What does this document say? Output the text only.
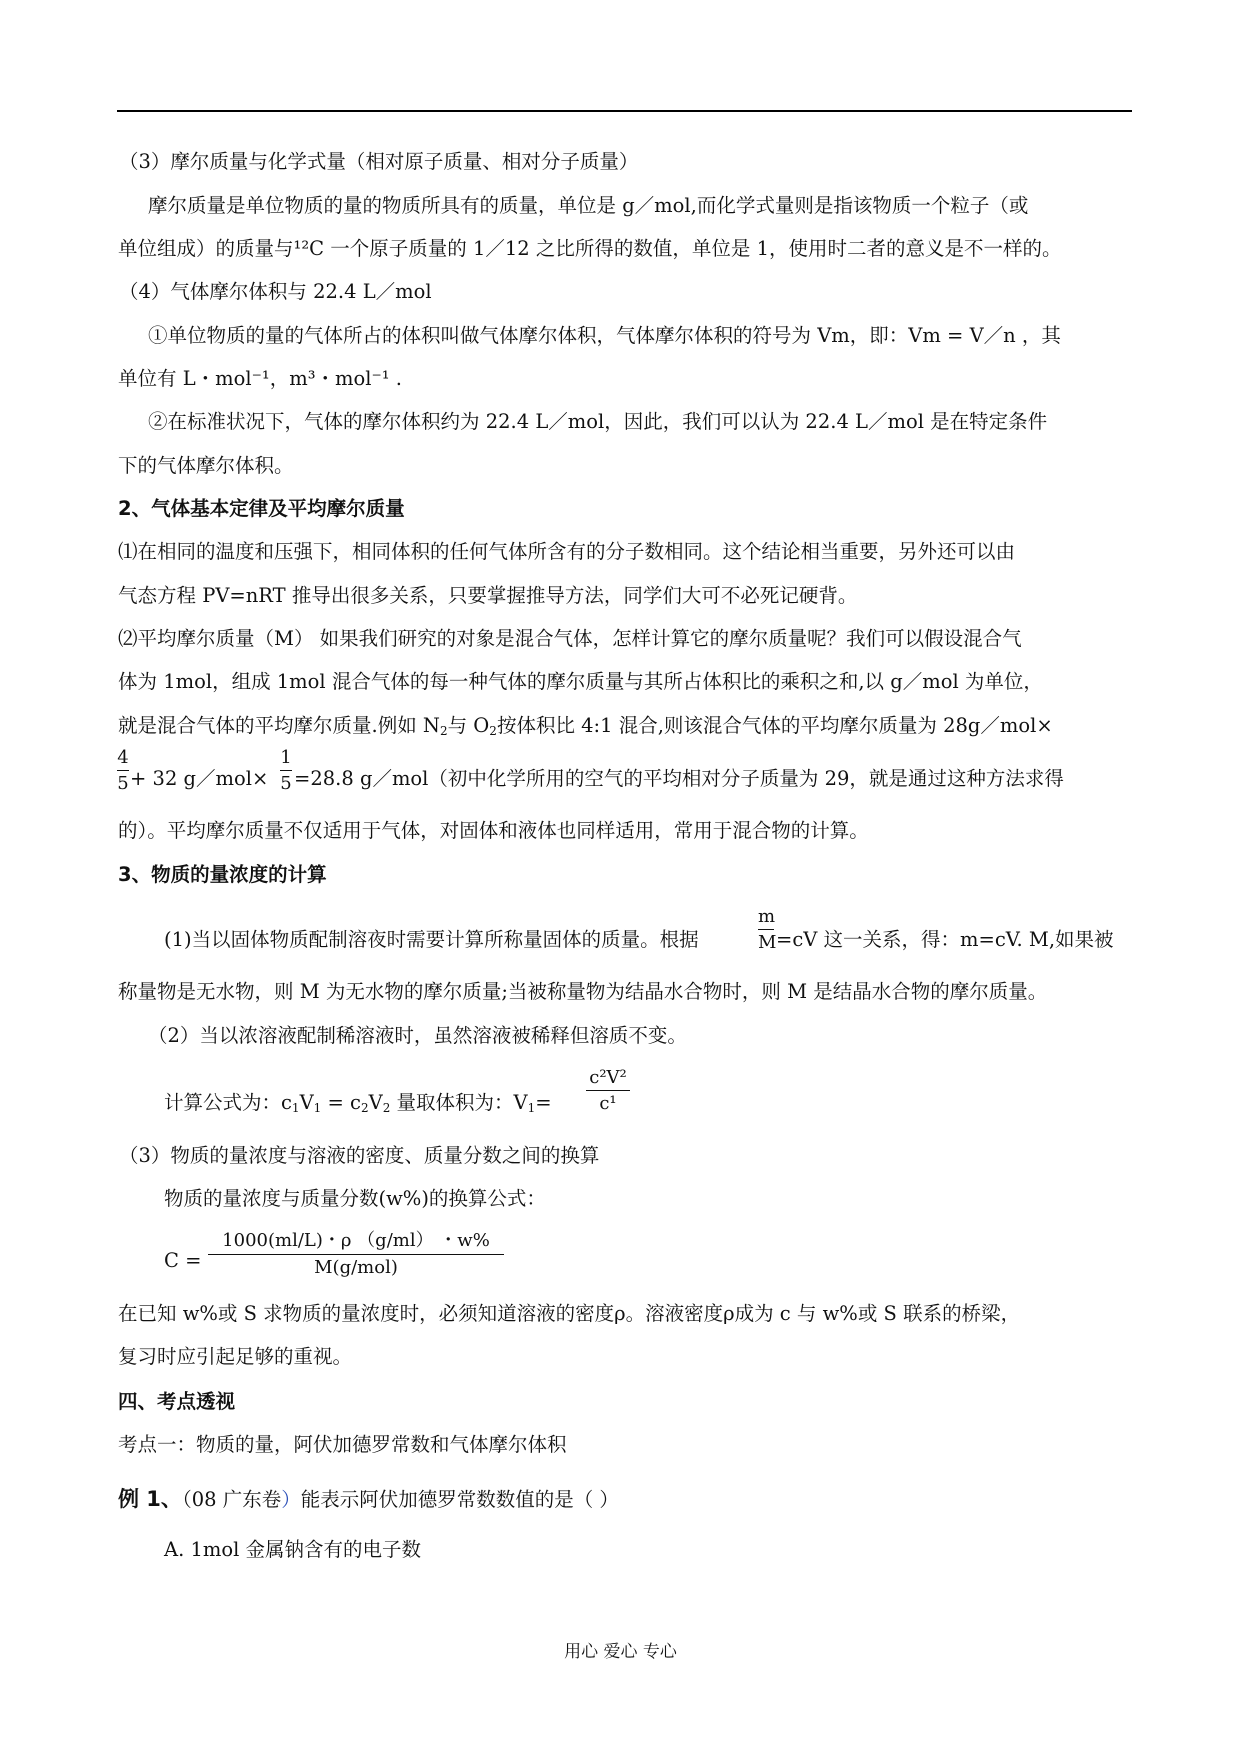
（3）摩尔质量与化学式量（相对原子质量、相对分子质量）
摩尔质量是单位物质的量的物质所具有的质量，单位是 g／mol,而化学式量则是指该物质一个粒子（或
单位组成）的质量与¹²C 一个原子质量的 1／12 之比所得的数值，单位是 1，使用时二者的意义是不一样的。
（4）气体摩尔体积与 22.4 L／mol
①单位物质的量的气体所占的体积叫做气体摩尔体积，气体摩尔体积的符号为 Vm，即：Vm = V／n ，其
单位有 L・mol⁻¹，m³・mol⁻¹ .
②在标准状况下，气体的摩尔体积约为 22.4 L／mol，因此，我们可以认为 22.4 L／mol 是在特定条件
下的气体摩尔体积。
2、气体基本定律及平均摩尔质量
⑴在相同的温度和压强下，相同体积的任何气体所含有的分子数相同。这个结论相当重要，另外还可以由
气态方程 PV=nRT 推导出很多关系，只要掌握推导方法，同学们大可不必死记硬背。
⑵平均摩尔质量（M） 如果我们研究的对象是混合气体，怎样计算它的摩尔质量呢？我们可以假设混合气
体为 1mol，组成 1mol 混合气体的每一种气体的摩尔质量与其所占体积比的乘积之和,以 g／mol 为单位，
就是混合气体的平均摩尔质量.例如 $N_2$与 $O_2$按体积比 4:1 混合,则该混合气体的平均摩尔质量为 28g／mol×
4
5 + 32 g／mol×
1
5 =28.8 g／mol（初中化学所用的空气的平均相对分子质量为 29，就是通过这种方法求得
的）。平均摩尔质量不仅适用于气体，对固体和液体也同样适用，常用于混合物的计算。
3、物质的量浓度的计算
(1)当以固体物质配制溶夜时需要计算所称量固体的质量。根据
m
M =cV 这一关系，得：m=cV. M,如果被
称量物是无水物，则 M 为无水物的摩尔质量;当被称量物为结晶水合物时，则 M 是结晶水合物的摩尔质量。
（2）当以浓溶液配制稀溶液时，虽然溶液被稀释但溶质不变。
计算公式为：$c_1V_1 = c_2V_2$ 量取体积为：$V_1=$
c²V²
c¹
（3）物质的量浓度与溶液的密度、质量分数之间的换算
物质的量浓度与质量分数(w%)的换算公式：
C =
1000(ml/L)・ρ （g/ml） ・w%
M(g/mol)
在已知 w%或 S 求物质的量浓度时，必须知道溶液的密度ρ。溶液密度ρ成为 c 与 w%或 S 联系的桥梁，
复习时应引起足够的重视。
四、考点透视
考点一：物质的量，阿伏加德罗常数和气体摩尔体积
例 1、（08 广东卷）能表示阿伏加德罗常数数值的是（ ）
A. 1mol 金属钠含有的电子数
用心 爱心 专心
